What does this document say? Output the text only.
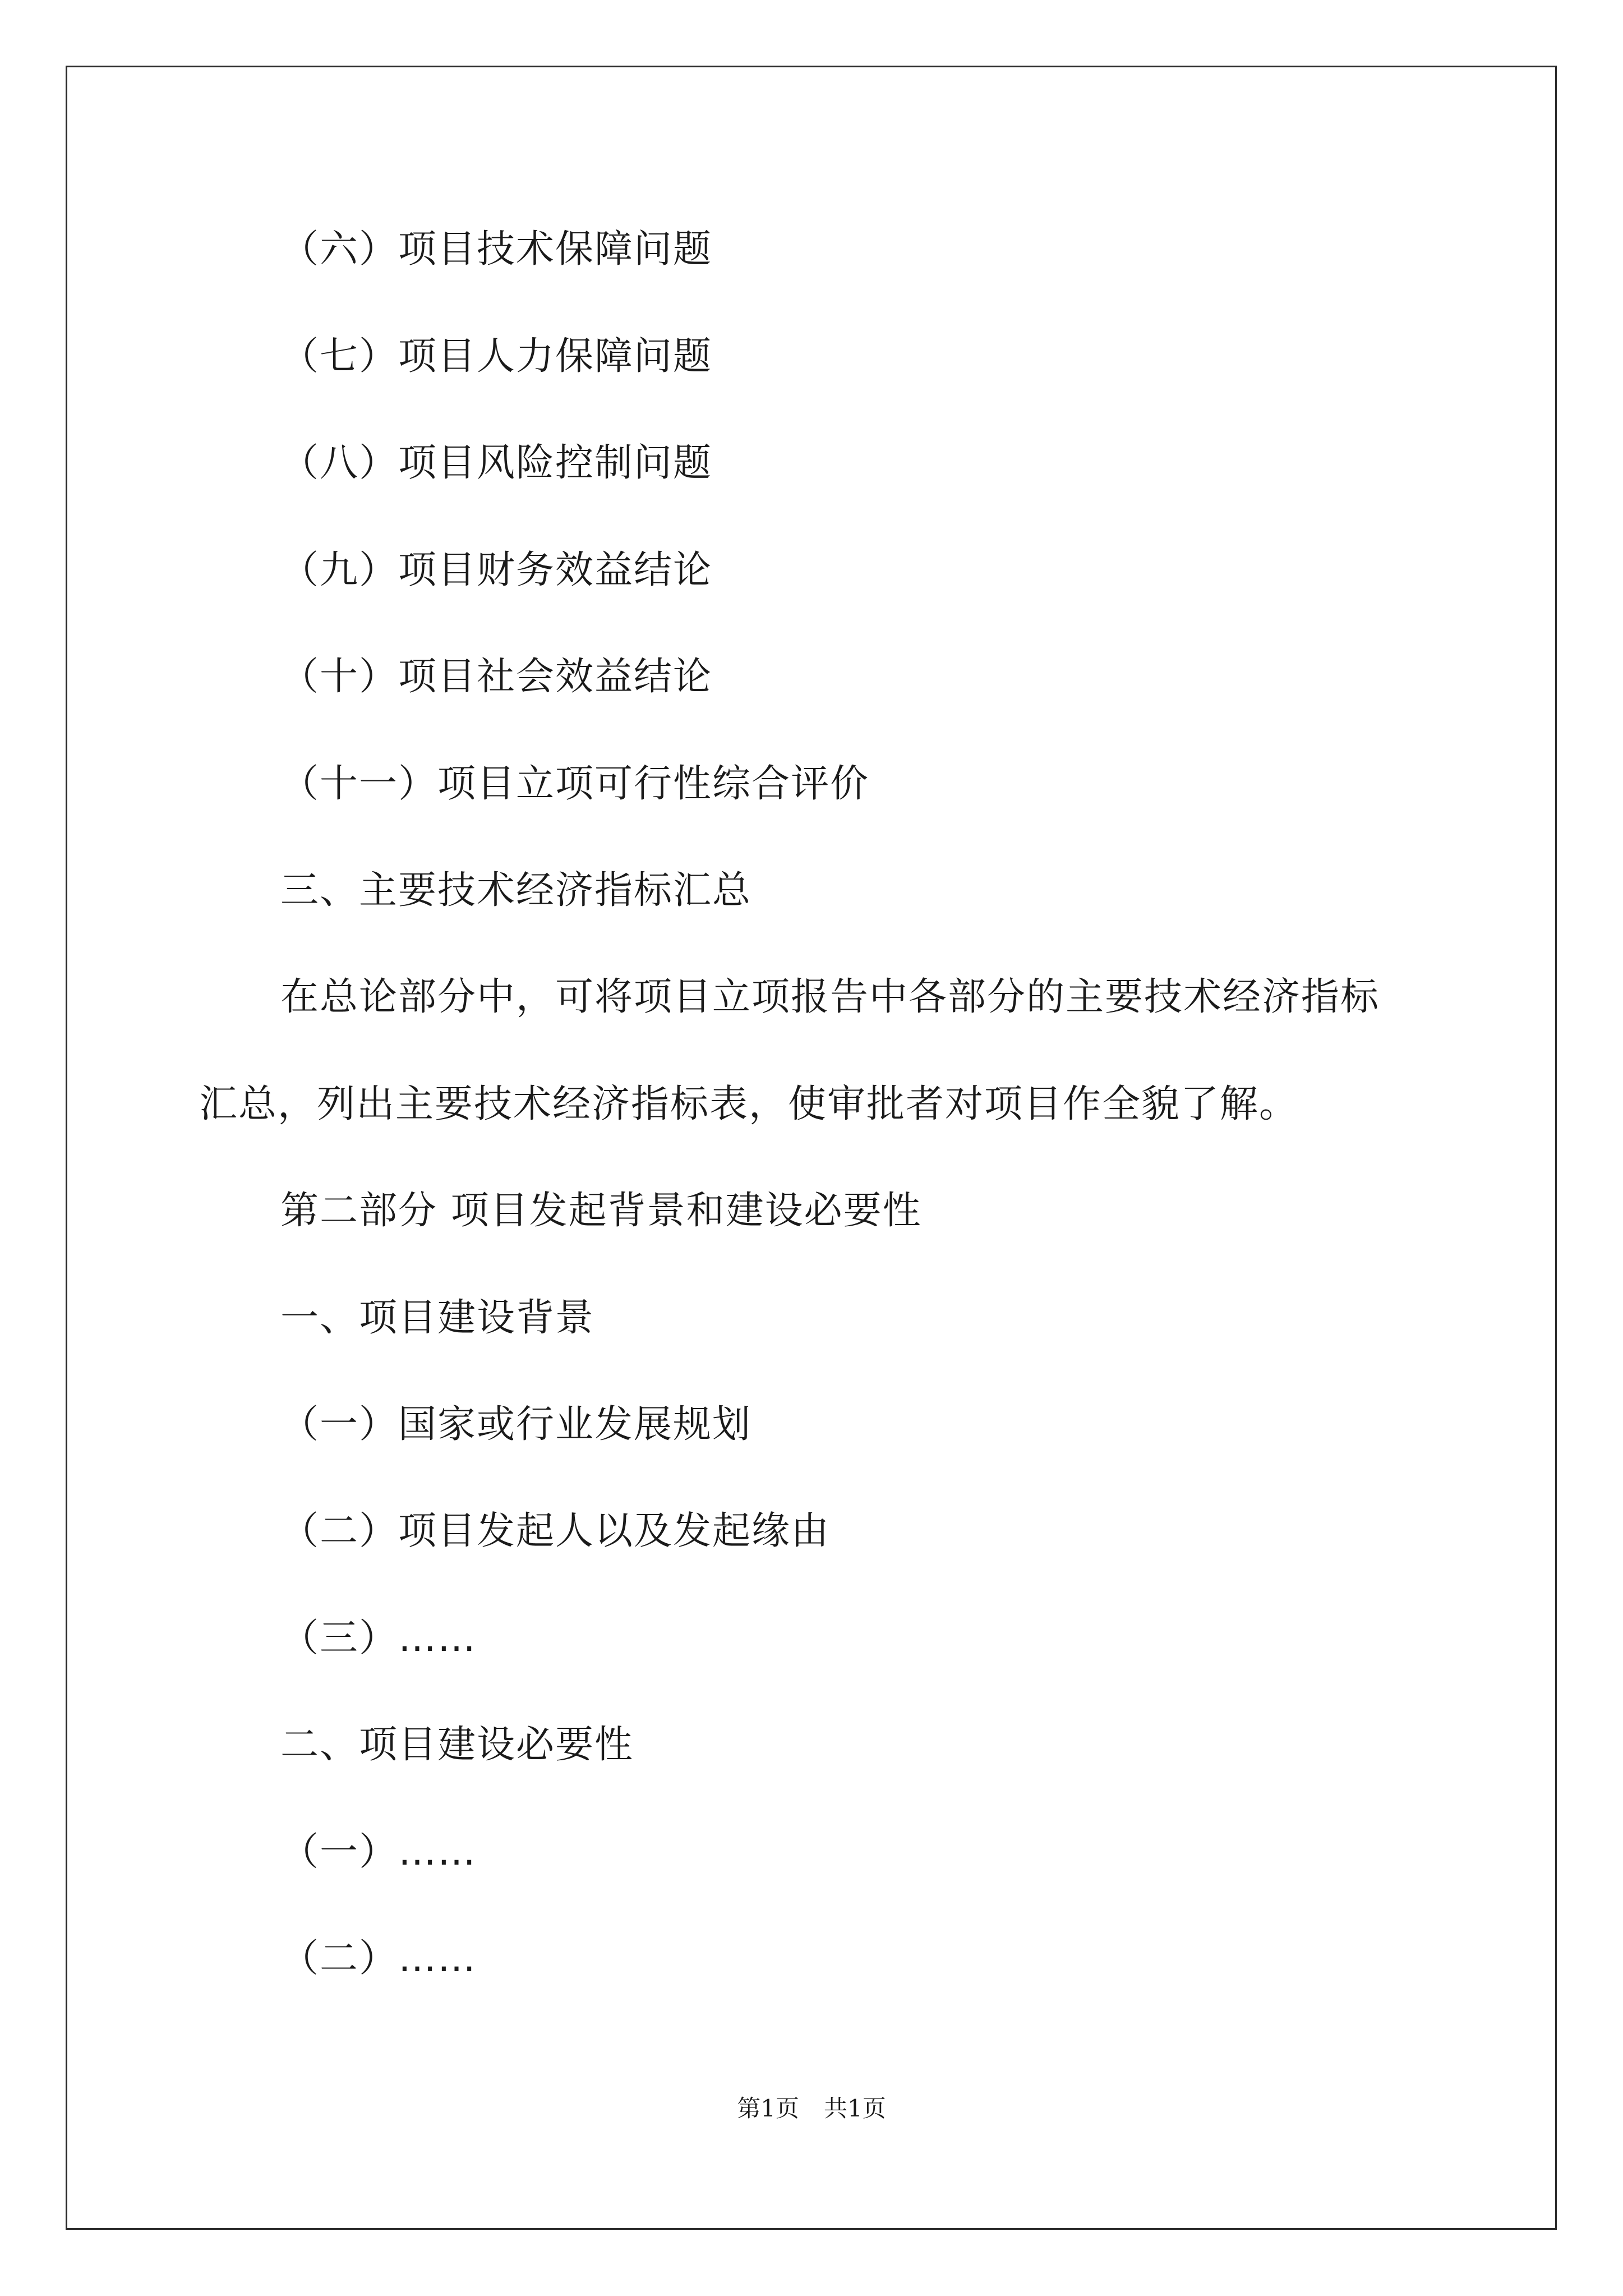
（六）项目技术保障问题
（七）项目人力保障问题
（八）项目风险控制问题
（九）项目财务效益结论
（十）项目社会效益结论
（十一）项目立项可行性综合评价
三、主要技术经济指标汇总
在总论部分中，可将项目立项报告中各部分的主要技术经济指标
汇总，列出主要技术经济指标表，使审批者对项目作全貌了解。
第二部分 项目发起背景和建设必要性
一、项目建设背景
（一）国家或行业发展规划
（二）项目发起人以及发起缘由
（三）……
二、项目建设必要性
（一）……
（二）……
第1页 共1页
